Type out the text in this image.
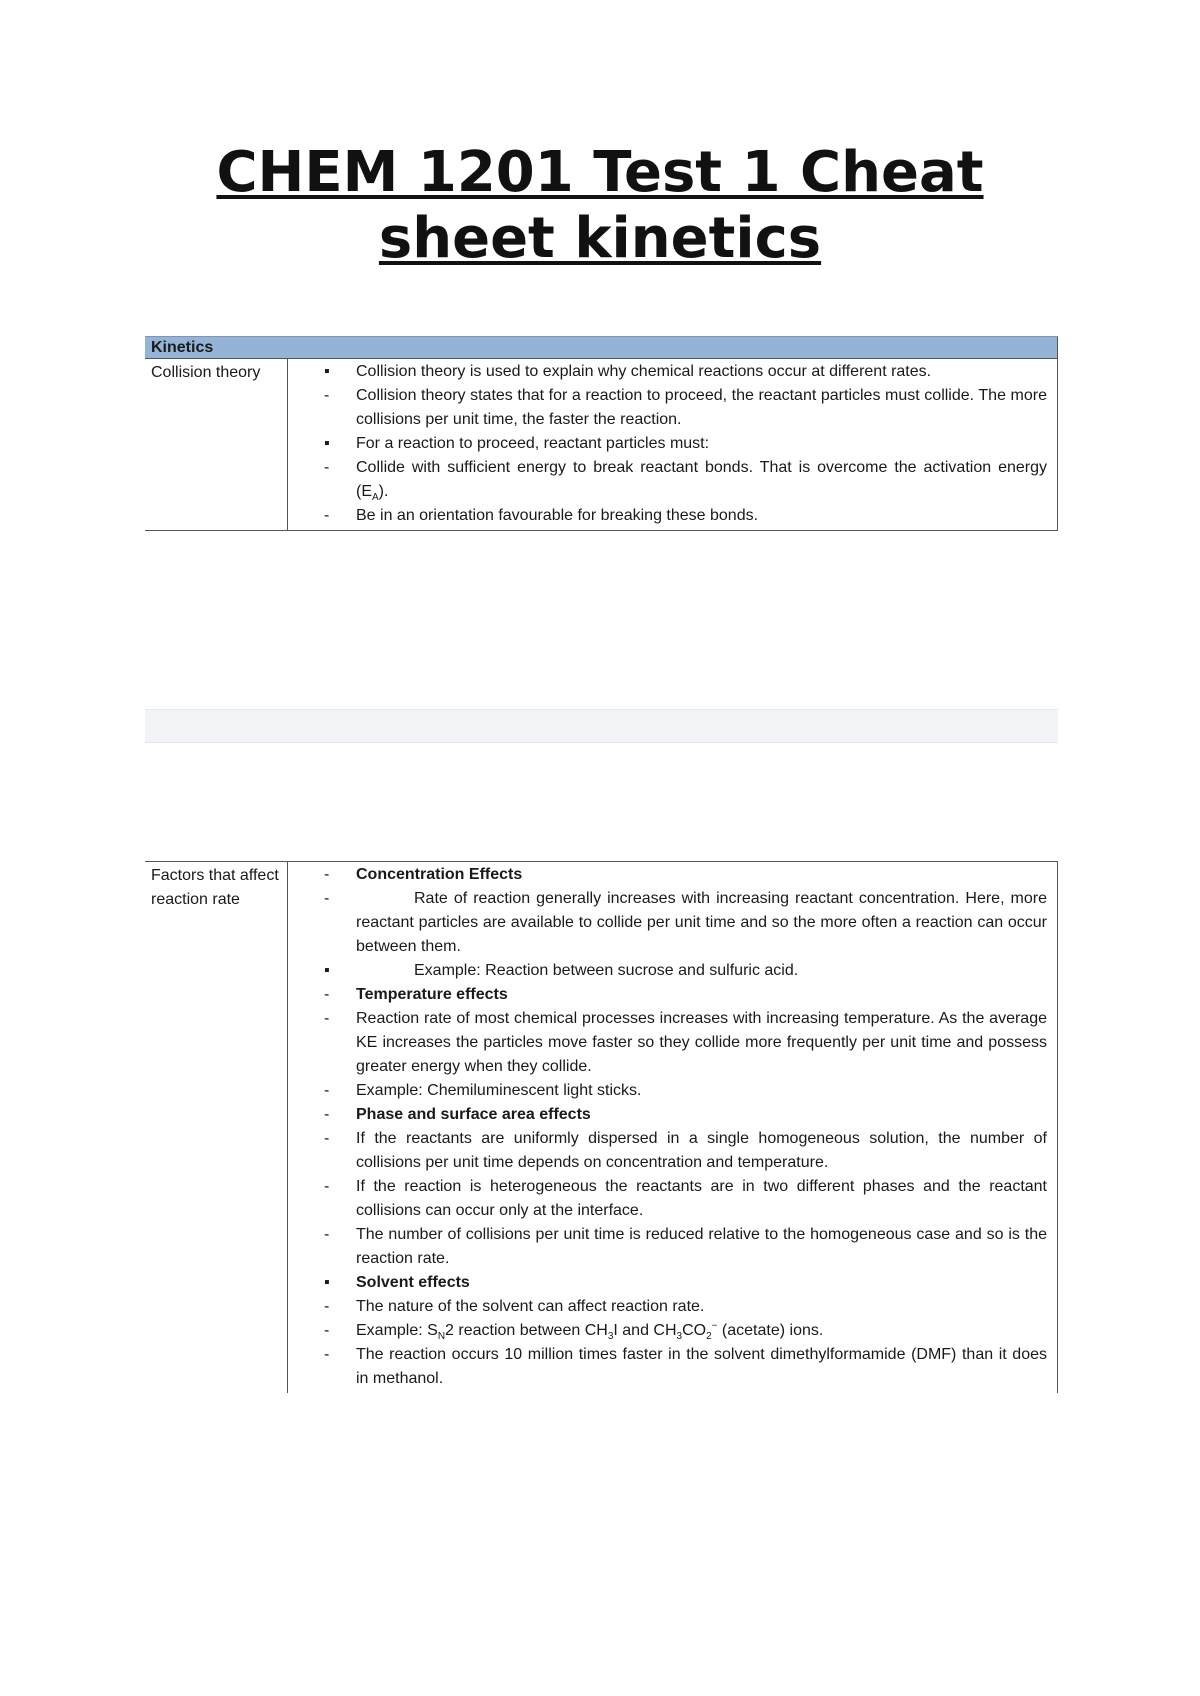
CHEM 1201 Test 1 Cheat
sheet kinetics
Kinetics
Collision theory	▪ Collision theory is used to explain why chemical reactions occur at different rates.
- Collision theory states that for a reaction to proceed, the reactant particles must collide. The more collisions per unit time, the faster the reaction.
▪ For a reaction to proceed, reactant particles must:
- Collide with sufficient energy to break reactant bonds. That is overcome the activation energy $(E_A)$.
- Be in an orientation favourable for breaking these bonds.
Factors that affect reaction rate	
- Concentration Effects
-	Rate of reaction generally increases with increasing reactant concentration. Here, more reactant particles are available to collide per unit time and so the more often a reaction can occur between them.
▪	Example: Reaction between sucrose and sulfuric acid.
- Temperature effects
- Reaction rate of most chemical processes increases with increasing temperature. As the average KE increases the particles move faster so they collide more frequently per unit time and possess greater energy when they collide.
- Example: Chemiluminescent light sticks.
- Phase and surface area effects
- If the reactants are uniformly dispersed in a single homogeneous solution, the number of collisions per unit time depends on concentration and temperature.
- If the reaction is heterogeneous the reactants are in two different phases and the reactant collisions can occur only at the interface.
- The number of collisions per unit time is reduced relative to the homogeneous case and so is the reaction rate.
▪ Solvent effects
- The nature of the solvent can affect reaction rate.
- Example: $S_N2$ reaction between $CH_3I$ and $CH_3CO_2^-$ (acetate) ions.
- The reaction occurs 10 million times faster in the solvent dimethylformamide (DMF) than it does in methanol.
